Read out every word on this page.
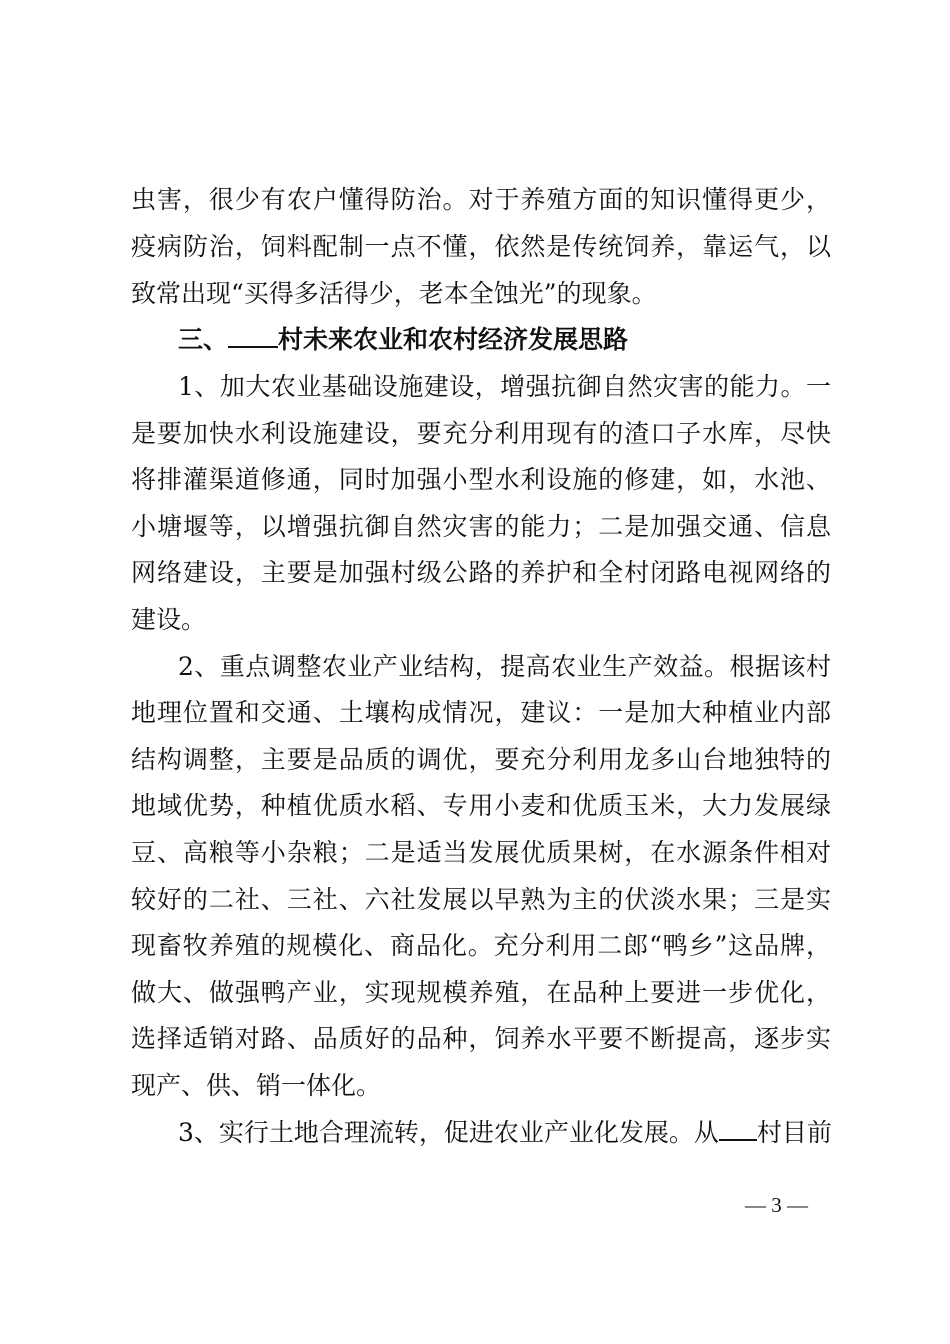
虫害，很少有农户懂得防治。对于养殖方面的知识懂得更少，
疫病防治，饲料配制一点不懂，依然是传统饲养，靠运气，以
致常出现“买得多活得少，老本全蚀光”的现象。
三、 村未来农业和农村经济发展思路
1、加大农业基础设施建设，增强抗御自然灾害的能力。一
是要加快水利设施建设，要充分利用现有的渣口子水库，尽快
将排灌渠道修通，同时加强小型水利设施的修建，如，水池、
小塘堰等，以增强抗御自然灾害的能力；二是加强交通、信息
网络建设，主要是加强村级公路的养护和全村闭路电视网络的
建设。
2、重点调整农业产业结构，提高农业生产效益。根据该村
地理位置和交通、土壤构成情况，建议：一是加大种植业内部
结构调整，主要是品质的调优，要充分利用龙多山台地独特的
地域优势，种植优质水稻、专用小麦和优质玉米，大力发展绿
豆、高粮等小杂粮；二是适当发展优质果树，在水源条件相对
较好的二社、三社、六社发展以早熟为主的伏淡水果；三是实
现畜牧养殖的规模化、商品化。充分利用二郎“鸭乡”这品牌，
做大、做强鸭产业，实现规模养殖，在品种上要进一步优化，
选择适销对路、品质好的品种，饲养水平要不断提高，逐步实
现产、供、销一体化。
3、实行土地合理流转，促进农业产业化发展。从 村目前
— 3 —
